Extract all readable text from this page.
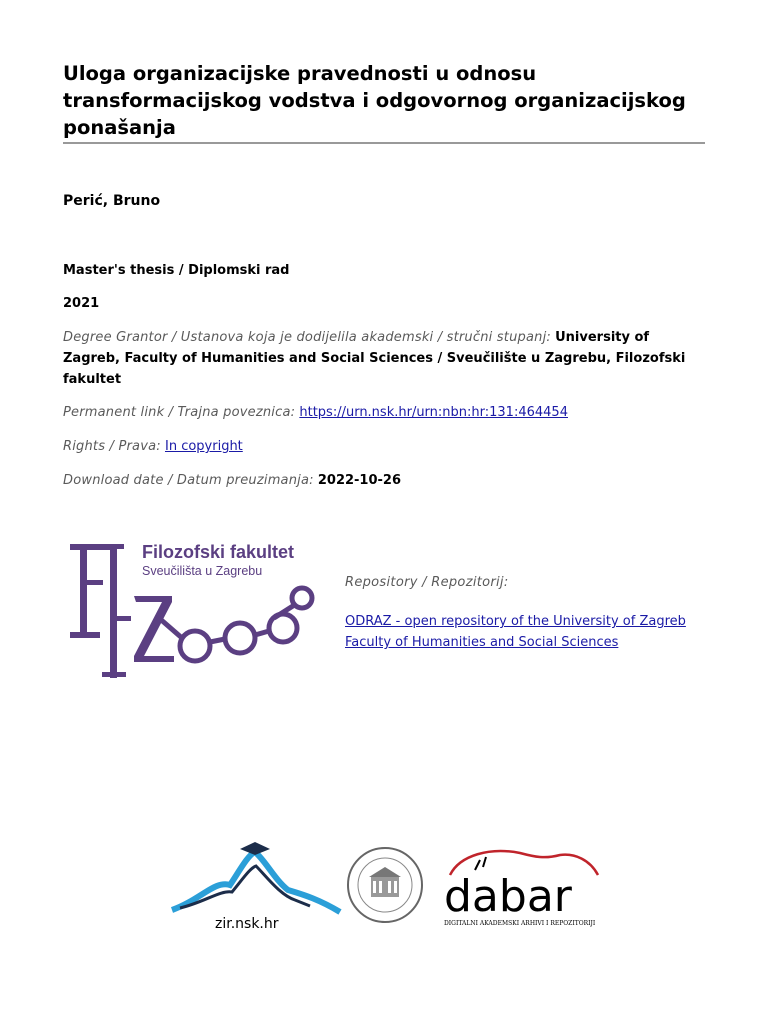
Uloga organizacijske pravednosti u odnosu transformacijskog vodstva i odgovornog organizacijskog ponašanja
Perić, Bruno
Master's thesis / Diplomski rad
2021
Degree Grantor / Ustanova koja je dodijelila akademski / stručni stupanj: University of Zagreb, Faculty of Humanities and Social Sciences / Sveučilište u Zagrebu, Filozofski fakultet
Permanent link / Trajna poveznica: https://urn.nsk.hr/urn:nbn:hr:131:464454
Rights / Prava: In copyright
Download date / Datum preuzimanja: 2022-10-26
Filozofski fakultet
Sveučilišta u Zagrebu
Repository / Repozitorij:
ODRAZ - open repository of the University of Zagreb Faculty of Humanities and Social Sciences
zir.nsk.hr
dabar
DIGITALNI AKADEMSKI ARHIVI I REPOZITORIJI
